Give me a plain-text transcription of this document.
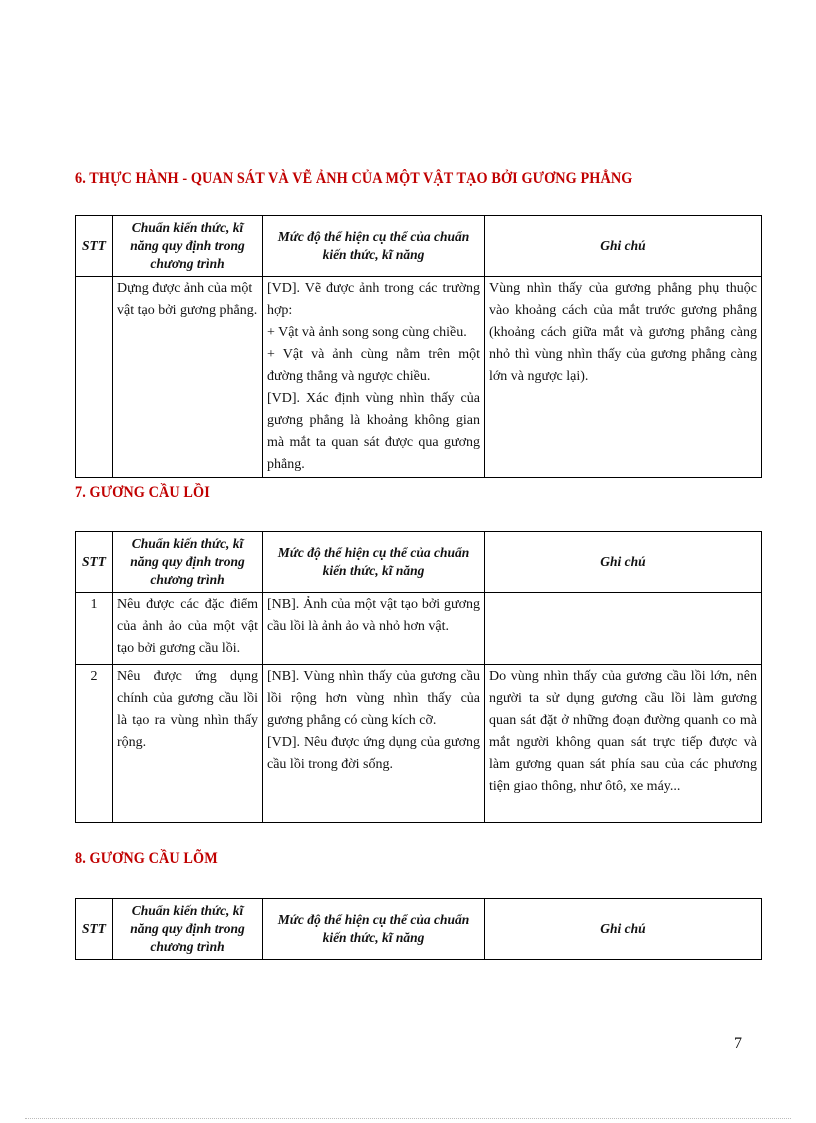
6. THỰC HÀNH - QUAN SÁT VÀ VẼ ẢNH CỦA MỘT VẬT TẠO BỞI GƯƠNG PHẲNG
STT	Chuẩn kiến thức, kĩ năng quy định trong chương trình	Mức độ thể hiện cụ thể của chuẩn kiến thức, kĩ năng	Ghi chú
	Dựng được ảnh của một vật tạo bởi gương phẳng.	[VD]. Vẽ được ảnh trong các trường hợp:
+ Vật và ảnh song song cùng chiều.
+ Vật và ảnh cùng nằm trên một đường thẳng và ngược chiều.
[VD]. Xác định vùng nhìn thấy của gương phẳng là khoảng không gian mà mắt ta quan sát được qua gương phẳng.	Vùng nhìn thấy của gương phẳng phụ thuộc vào khoảng cách của mắt trước gương phẳng (khoảng cách giữa mắt và gương phẳng càng nhỏ thì vùng nhìn thấy của gương phẳng càng lớn và ngược lại).
7. GƯƠNG CẦU LỒI
STT	Chuẩn kiến thức, kĩ năng quy định trong chương trình	Mức độ thể hiện cụ thể của chuẩn kiến thức, kĩ năng	Ghi chú
1	Nêu được các đặc điểm của ảnh ảo của một vật tạo bởi gương cầu lồi.	[NB]. Ảnh của một vật tạo bởi gương cầu lồi là ảnh ảo và nhỏ hơn vật.	

2	Nêu được ứng dụng chính của gương cầu lồi là tạo ra vùng nhìn thấy rộng.	[NB]. Vùng nhìn thấy của gương cầu lồi rộng hơn vùng nhìn thấy của gương phẳng có cùng kích cỡ.
[VD]. Nêu được ứng dụng của gương cầu lồi trong đời sống.	Do vùng nhìn thấy của gương cầu lồi lớn, nên người ta sử dụng gương cầu lồi làm gương quan sát đặt ở những đoạn đường quanh co mà mắt người không quan sát trực tiếp được và làm gương quan sát phía sau của các phương tiện giao thông, như ôtô, xe máy...
8. GƯƠNG CẦU LÕM
STT	Chuẩn kiến thức, kĩ năng quy định trong chương trình	Mức độ thể hiện cụ thể của chuẩn kiến thức, kĩ năng	Ghi chú

7
